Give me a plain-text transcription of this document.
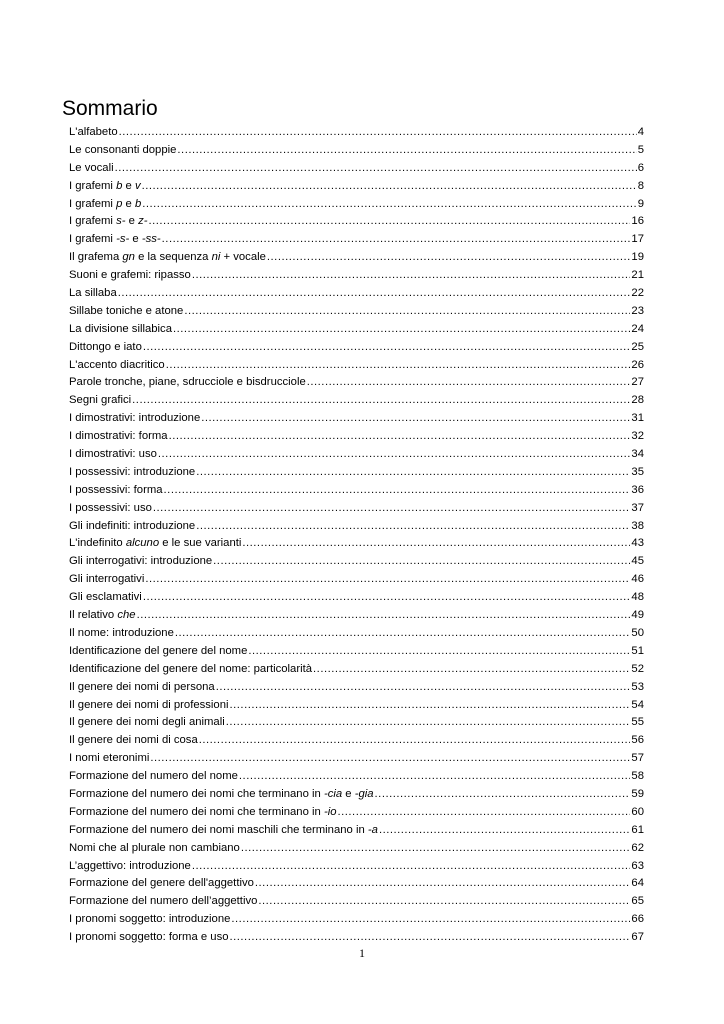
Sommario
L'alfabeto .....	4
Le consonanti doppie .....	5
Le vocali .....	6
I grafemi b e v .....	8
I grafemi p e b .....	9
I grafemi s- e z- .....	16
I grafemi -s- e -ss- .....	17
Il grafema gn e la sequenza ni + vocale .....	19
Suoni e grafemi: ripasso .....	21
La sillaba .....	22
Sillabe toniche e atone .....	23
La divisione sillabica .....	24
Dittongo e iato .....	25
L'accento diacritico .....	26
Parole tronche, piane, sdrucciole e bisdrucciole .....	27
Segni grafici .....	28
I dimostrativi: introduzione .....	31
I dimostrativi: forma .....	32
I dimostrativi: uso .....	34
I possessivi: introduzione .....	35
I possessivi: forma .....	36
I possessivi: uso .....	37
Gli indefiniti: introduzione .....	38
L'indefinito alcuno e le sue varianti .....	43
Gli interrogativi: introduzione .....	45
Gli interrogativi .....	46
Gli esclamativi .....	48
Il relativo che .....	49
Il nome: introduzione .....	50
Identificazione del genere del nome .....	51
Identificazione del genere del nome: particolarità .....	52
Il genere dei nomi di persona .....	53
Il genere dei nomi di professioni .....	54
Il genere dei nomi degli animali .....	55
Il genere dei nomi di cosa .....	56
I nomi eteronimi .....	57
Formazione del numero del nome .....	58
Formazione del numero dei nomi che terminano in -cia e -gia .....	59
Formazione del numero dei nomi che terminano in -io .....	60
Formazione del numero dei nomi maschili che terminano in -a .....	61
Nomi che al plurale non cambiano .....	62
L’aggettivo: introduzione .....	63
Formazione del genere dell'aggettivo .....	64
Formazione del numero dell’aggettivo .....	65
I pronomi soggetto: introduzione .....	66
I pronomi soggetto: forma e uso .....	67
1
